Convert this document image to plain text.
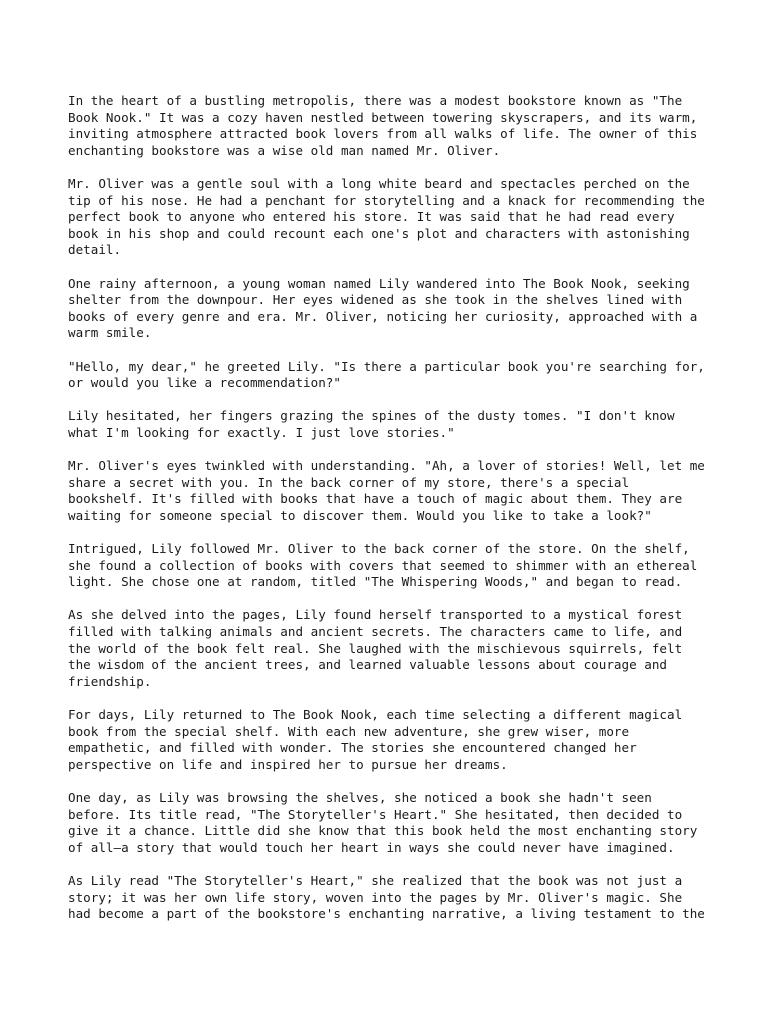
In the heart of a bustling metropolis, there was a modest bookstore known as "The
Book Nook." It was a cozy haven nestled between towering skyscrapers, and its warm,
inviting atmosphere attracted book lovers from all walks of life. The owner of this
enchanting bookstore was a wise old man named Mr. Oliver.
Mr. Oliver was a gentle soul with a long white beard and spectacles perched on the
tip of his nose. He had a penchant for storytelling and a knack for recommending the
perfect book to anyone who entered his store. It was said that he had read every
book in his shop and could recount each one's plot and characters with astonishing
detail.
One rainy afternoon, a young woman named Lily wandered into The Book Nook, seeking
shelter from the downpour. Her eyes widened as she took in the shelves lined with
books of every genre and era. Mr. Oliver, noticing her curiosity, approached with a
warm smile.
"Hello, my dear," he greeted Lily. "Is there a particular book you're searching for,
or would you like a recommendation?"
Lily hesitated, her fingers grazing the spines of the dusty tomes. "I don't know
what I'm looking for exactly. I just love stories."
Mr. Oliver's eyes twinkled with understanding. "Ah, a lover of stories! Well, let me
share a secret with you. In the back corner of my store, there's a special
bookshelf. It's filled with books that have a touch of magic about them. They are
waiting for someone special to discover them. Would you like to take a look?"
Intrigued, Lily followed Mr. Oliver to the back corner of the store. On the shelf,
she found a collection of books with covers that seemed to shimmer with an ethereal
light. She chose one at random, titled "The Whispering Woods," and began to read.
As she delved into the pages, Lily found herself transported to a mystical forest
filled with talking animals and ancient secrets. The characters came to life, and
the world of the book felt real. She laughed with the mischievous squirrels, felt
the wisdom of the ancient trees, and learned valuable lessons about courage and
friendship.
For days, Lily returned to The Book Nook, each time selecting a different magical
book from the special shelf. With each new adventure, she grew wiser, more
empathetic, and filled with wonder. The stories she encountered changed her
perspective on life and inspired her to pursue her dreams.
One day, as Lily was browsing the shelves, she noticed a book she hadn't seen
before. Its title read, "The Storyteller's Heart." She hesitated, then decided to
give it a chance. Little did she know that this book held the most enchanting story
of all—a story that would touch her heart in ways she could never have imagined.
As Lily read "The Storyteller's Heart," she realized that the book was not just a
story; it was her own life story, woven into the pages by Mr. Oliver's magic. She
had become a part of the bookstore's enchanting narrative, a living testament to the
